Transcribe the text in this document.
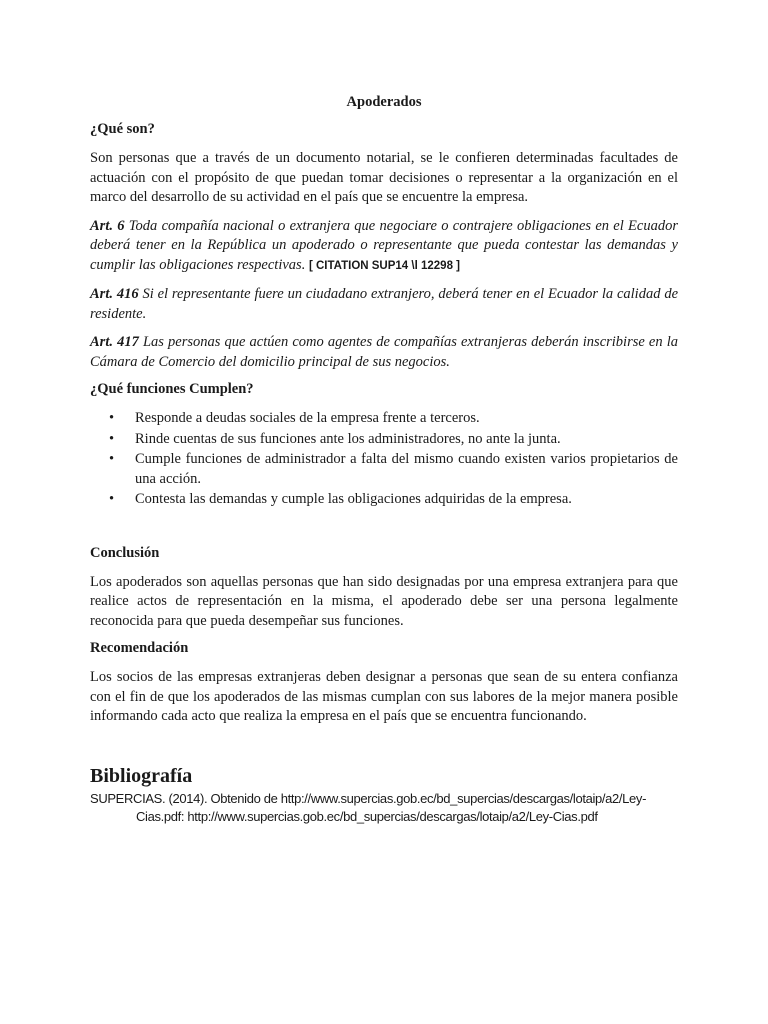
Apoderados
¿Qué son?

Son personas que a través de un documento notarial, se le confieren determinadas facultades de actuación con el propósito de que puedan tomar decisiones o representar a la organización en el marco del desarrollo de su actividad en el país que se encuentre la empresa.

Art. 6 Toda compañía nacional o extranjera que negociare o contrajere obligaciones en el Ecuador deberá tener en la República un apoderado o representante que pueda contestar las demandas y cumplir las obligaciones respectivas. [ CITATION SUP14 \l 12298 ]

Art. 416 Si el representante fuere un ciudadano extranjero, deberá tener en el Ecuador la calidad de residente.

Art. 417 Las personas que actúen como agentes de compañías extranjeras deberán inscribirse en la Cámara de Comercio del domicilio principal de sus negocios.

¿Qué funciones Cumplen?
• Responde a deudas sociales de la empresa frente a terceros.
• Rinde cuentas de sus funciones ante los administradores, no ante la junta.
• Cumple funciones de administrador a falta del mismo cuando existen varios propietarios de una acción.
• Contesta las demandas y cumple las obligaciones adquiridas de la empresa.
Conclusión

Los apoderados son aquellas personas que han sido designadas por una empresa extranjera para que realice actos de representación en la misma, el apoderado debe ser una persona legalmente reconocida para que pueda desempeñar sus funciones.

Recomendación

Los socios de las empresas extranjeras deben designar a personas que sean de su entera confianza con el fin de que los apoderados de las mismas cumplan con sus labores de la mejor manera posible informando cada acto que realiza la empresa en el país que se encuentra funcionando.

Bibliografía
SUPERCIAS. (2014). Obtenido de http://www.supercias.gob.ec/bd_supercias/descargas/lotaip/a2/Ley-Cias.pdf: http://www.supercias.gob.ec/bd_supercias/descargas/lotaip/a2/Ley-Cias.pdf
